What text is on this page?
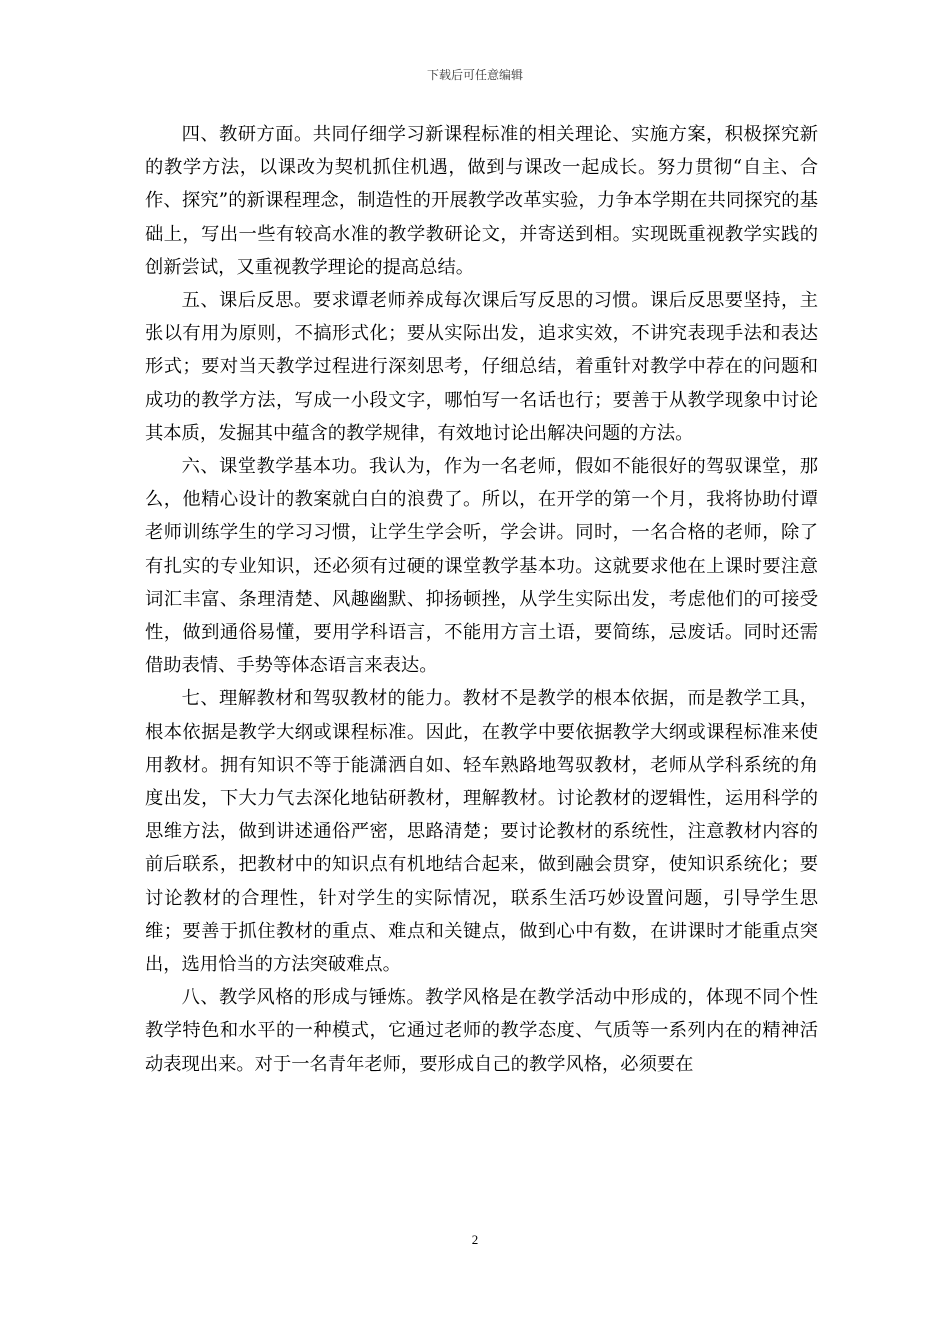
下载后可任意编辑

四、教研方面。共同仔细学习新课程标准的相关理论、实施方案，积极探究新的教学方法，以课改为契机抓住机遇，做到与课改一起成长。努力贯彻“自主、合作、探究”的新课程理念，制造性的开展教学改革实验，力争本学期在共同探究的基础上，写出一些有较高水准的教学教研论文，并寄送到相。实现既重视教学实践的创新尝试，又重视教学理论的提高总结。

五、课后反思。要求谭老师养成每次课后写反思的习惯。课后反思要坚持，主张以有用为原则，不搞形式化；要从实际出发，追求实效，不讲究表现手法和表达形式；要对当天教学过程进行深刻思考，仔细总结，着重针对教学中荐在的问题和成功的教学方法，写成一小段文字，哪怕写一名话也行；要善于从教学现象中讨论其本质，发掘其中蕴含的教学规律，有效地讨论出解决问题的方法。

六、课堂教学基本功。我认为，作为一名老师，假如不能很好的驾驭课堂，那么，他精心设计的教案就白白的浪费了。所以，在开学的第一个月，我将协助付谭老师训练学生的学习习惯，让学生学会听，学会讲。同时，一名合格的老师，除了有扎实的专业知识，还必须有过硬的课堂教学基本功。这就要求他在上课时要注意词汇丰富、条理清楚、风趣幽默、抑扬顿挫，从学生实际出发，考虑他们的可接受性，做到通俗易懂，要用学科语言，不能用方言土语，要简练，忌废话。同时还需借助表情、手势等体态语言来表达。

七、理解教材和驾驭教材的能力。教材不是教学的根本依据，而是教学工具，根本依据是教学大纲或课程标准。因此，在教学中要依据教学大纲或课程标准来使用教材。拥有知识不等于能潇洒自如、轻车熟路地驾驭教材，老师从学科系统的角度出发，下大力气去深化地钻研教材，理解教材。讨论教材的逻辑性，运用科学的思维方法，做到讲述通俗严密，思路清楚；要讨论教材的系统性，注意教材内容的前后联系，把教材中的知识点有机地结合起来，做到融会贯穿，使知识系统化；要讨论教材的合理性，针对学生的实际情况，联系生活巧妙设置问题，引导学生思维；要善于抓住教材的重点、难点和关键点，做到心中有数，在讲课时才能重点突出，选用恰当的方法突破难点。

八、教学风格的形成与锤炼。教学风格是在教学活动中形成的，体现不同个性教学特色和水平的一种模式，它通过老师的教学态度、气质等一系列内在的精神活动表现出来。对于一名青年老师，要形成自己的教学风格，必须要在

2
